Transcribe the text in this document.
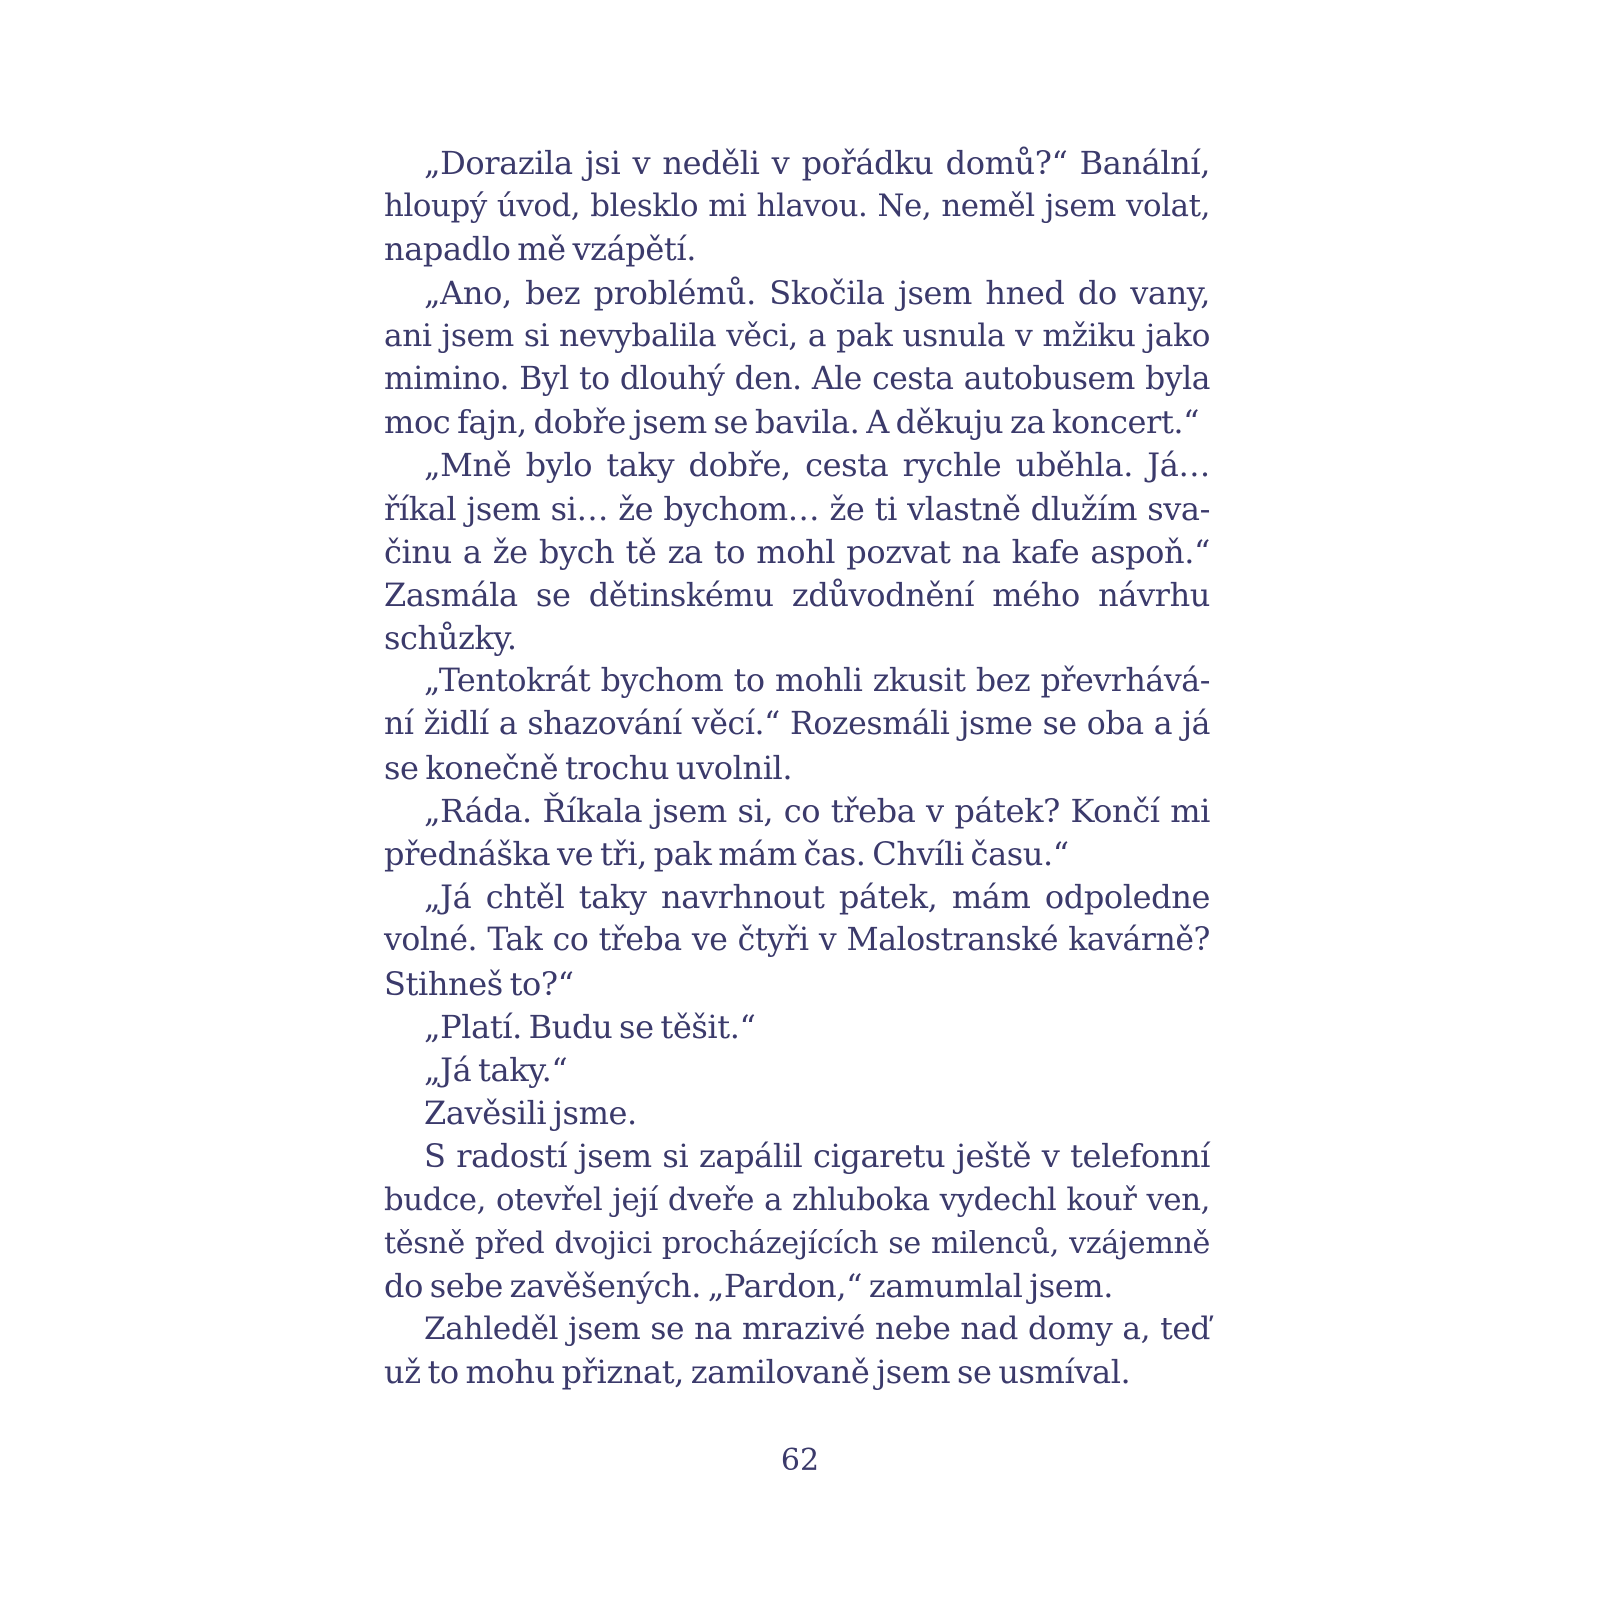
„Dorazila jsi v neděli v pořádku domů?“ Banální,
hloupý úvod, blesklo mi hlavou. Ne, neměl jsem volat,
napadlo mě vzápětí.
„Ano, bez problémů. Skočila jsem hned do vany,
ani jsem si nevybalila věci, a pak usnula v mžiku jako
mimino. Byl to dlouhý den. Ale cesta autobusem byla
moc fajn, dobře jsem se bavila. A děkuju za koncert.“
„Mně bylo taky dobře, cesta rychle uběhla. Já…
říkal jsem si… že bychom… že ti vlastně dlužím sva-
činu a že bych tě za to mohl pozvat na kafe aspoň.“
Zasmála se dětinskému zdůvodnění mého návrhu
schůzky.
„Tentokrát bychom to mohli zkusit bez převrhává-
ní židlí a shazování věcí.“ Rozesmáli jsme se oba a já
se konečně trochu uvolnil.
„Ráda. Říkala jsem si, co třeba v pátek? Končí mi
přednáška ve tři, pak mám čas. Chvíli času.“
„Já chtěl taky navrhnout pátek, mám odpoledne
volné. Tak co třeba ve čtyři v Malostranské kavárně?
Stihneš to?“
„Platí. Budu se těšit.“
„Já taky.“
Zavěsili jsme.
S radostí jsem si zapálil cigaretu ještě v telefonní
budce, otevřel její dveře a zhluboka vydechl kouř ven,
těsně před dvojici procházejících se milenců, vzájemně
do sebe zavěšených. „Pardon,“ zamumlal jsem.
Zahleděl jsem se na mrazivé nebe nad domy a, teď
už to mohu přiznat, zamilovaně jsem se usmíval.
62
